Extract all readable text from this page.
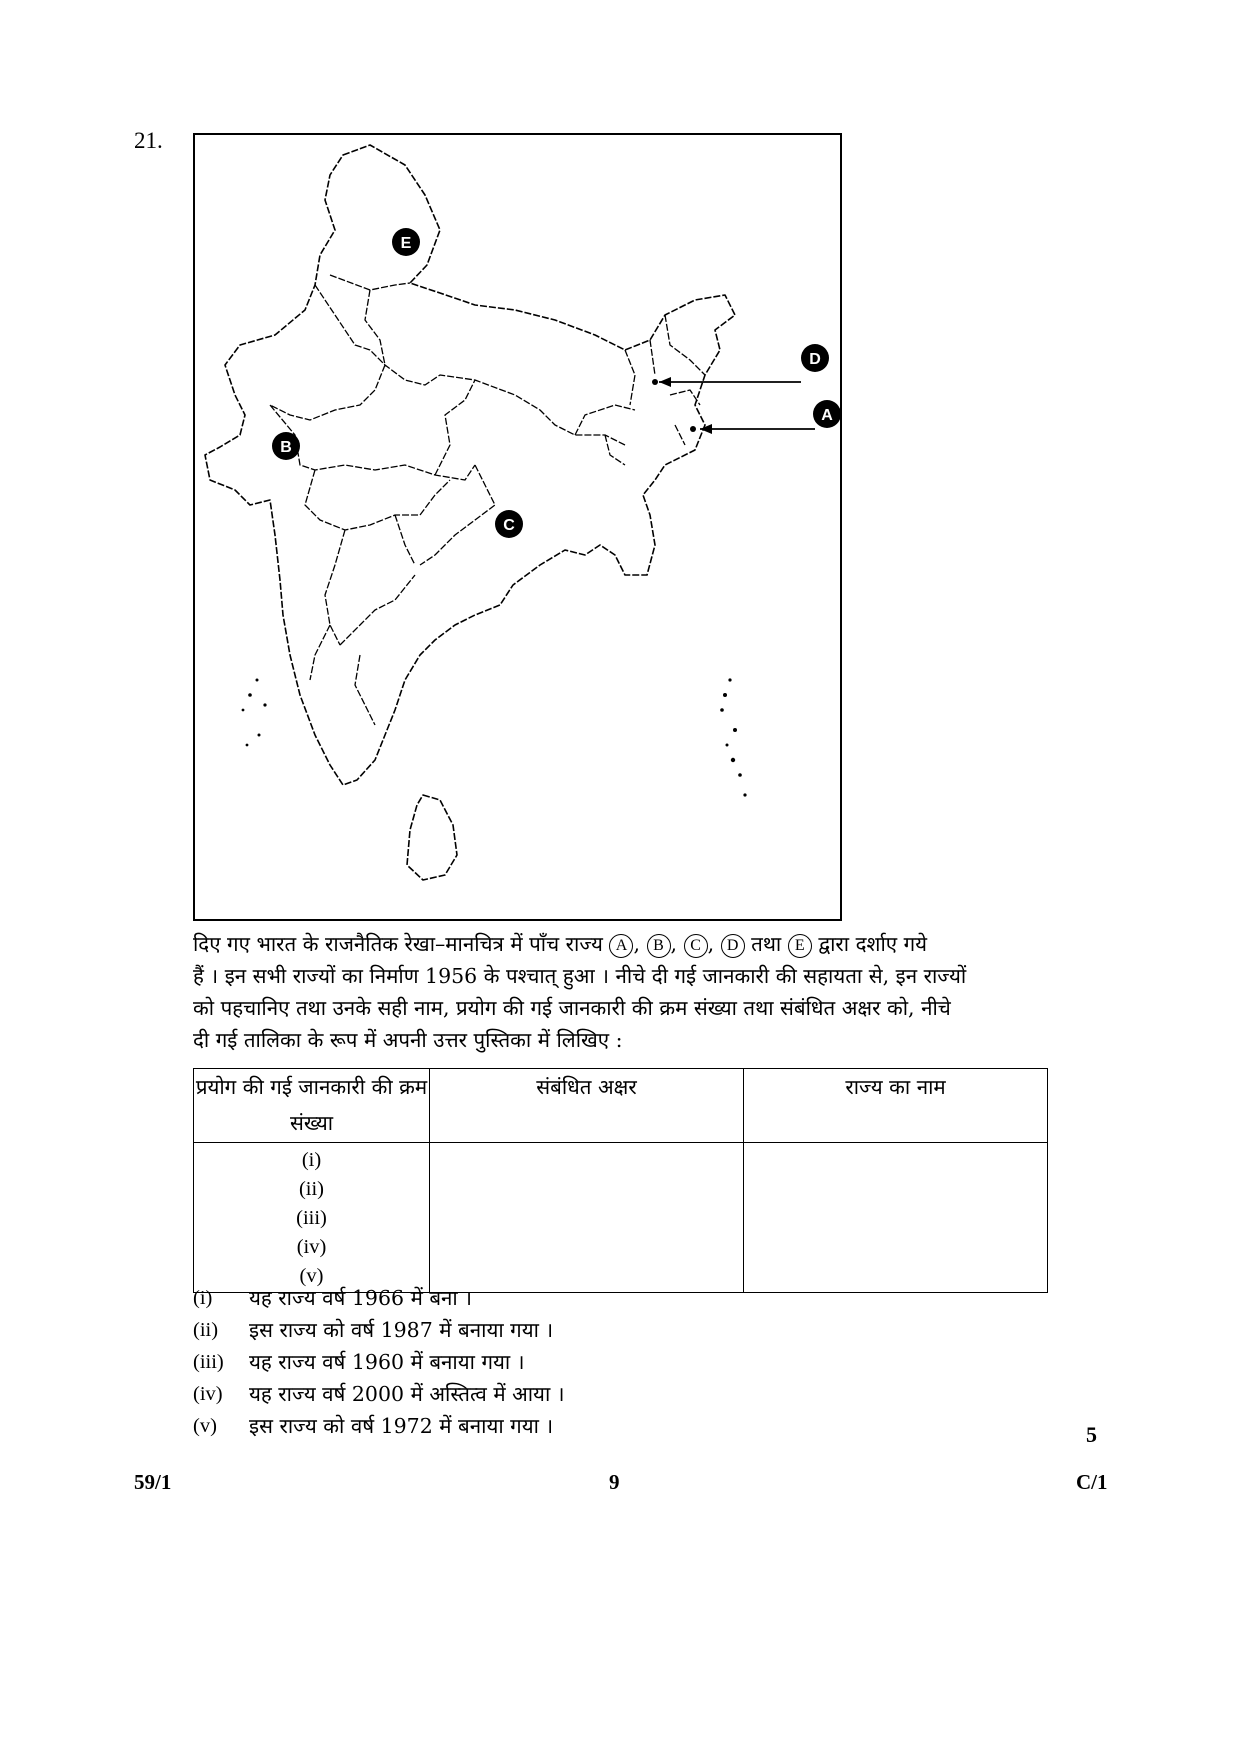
21.
E
B
C
D
A

दिए गए भारत के राजनैतिक रेखा–मानचित्र में पाँच राज्य A , B , C , D तथा E द्वारा दर्शाए गये

हैं । इन सभी राज्यों का निर्माण 1956 के पश्चात् हुआ । नीचे दी गई जानकारी की सहायता से, इन राज्यों

को पहचानिए तथा उनके सही नाम, प्रयोग की गई जानकारी की क्रम संख्या तथा संबंधित अक्षर को, नीचे

दी गई तालिका के रूप में अपनी उत्तर पुस्तिका में लिखिए :

प्रयोग की गई जानकारी की क्रम संख्या	संबंधित अक्षर	राज्य का नाम

(i)
(ii)
(iii)
(iv)
(v)		

(i) यह राज्य वर्ष 1966 में बना ।
(ii) इस राज्य को वर्ष 1987 में बनाया गया ।
(iii) यह राज्य वर्ष 1960 में बनाया गया ।
(iv) यह राज्य वर्ष 2000 में अस्तित्व में आया ।
(v) इस राज्य को वर्ष 1972 में बनाया गया ।	5
59/1	9	C/1
